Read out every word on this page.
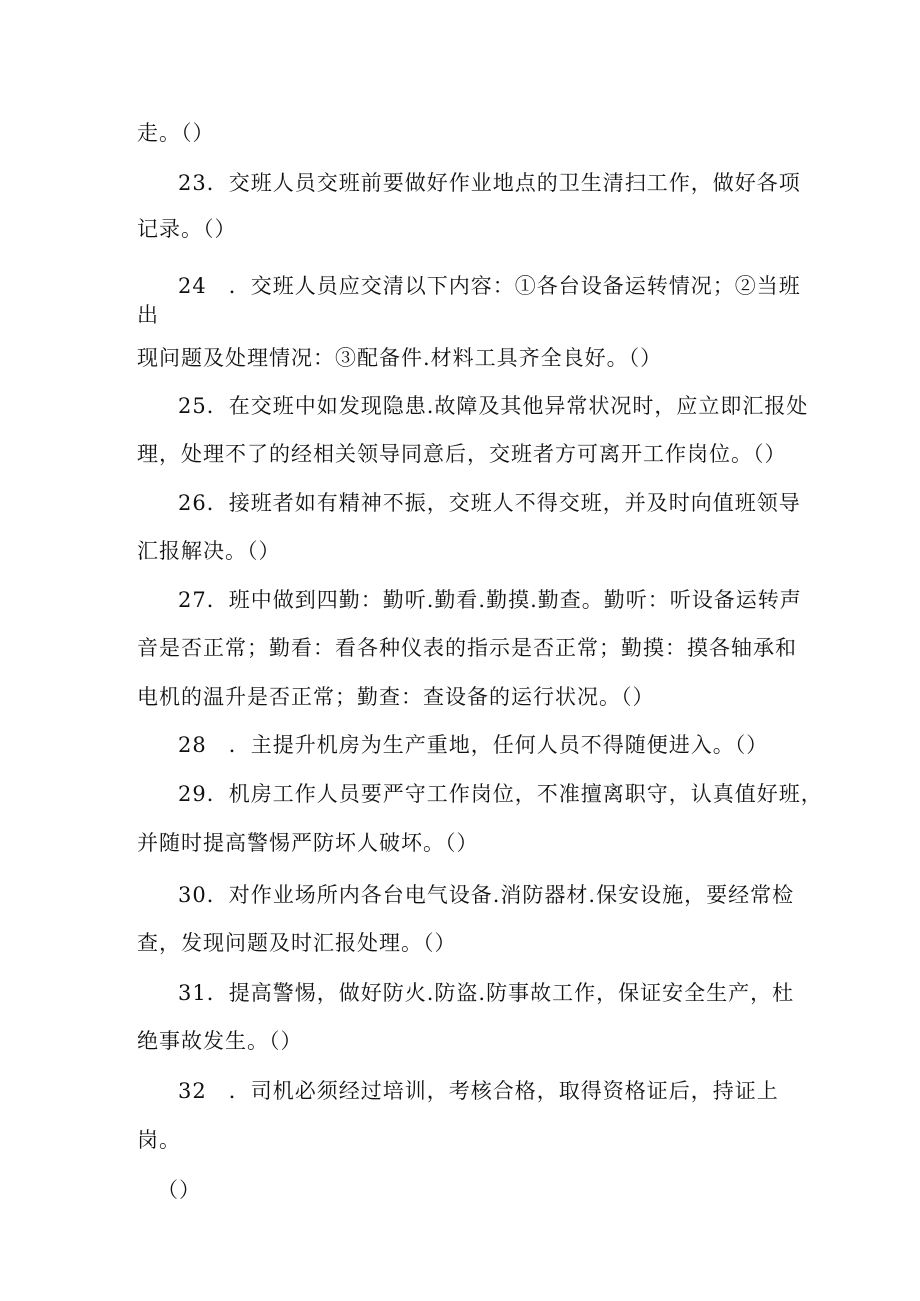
走。（）
23．交班人员交班前要做好作业地点的卫生清扫工作，做好各项
记录。（）
24　．交班人员应交清以下内容：①各台设备运转情况；②当班
出
现问题及处理情况：③配备件.材料工具齐全良好。（）
25．在交班中如发现隐患.故障及其他异常状况时，应立即汇报处
理，处理不了的经相关领导同意后，交班者方可离开工作岗位。（）
26．接班者如有精神不振，交班人不得交班，并及时向值班领导
汇报解决。（）
27．班中做到四勤：勤听.勤看.勤摸.勤查。勤听：听设备运转声
音是否正常；勤看：看各种仪表的指示是否正常；勤摸：摸各轴承和
电机的温升是否正常；勤查：查设备的运行状况。（）
28　．主提升机房为生产重地，任何人员不得随便进入。（）
29．机房工作人员要严守工作岗位，不准擅离职守，认真值好班，
并随时提高警惕严防坏人破坏。（）
30．对作业场所内各台电气设备.消防器材.保安设施，要经常检
查，发现问题及时汇报处理。（）
31．提高警惕，做好防火.防盗.防事故工作，保证安全生产，杜
绝事故发生。（）
32　．司机必须经过培训，考核合格，取得资格证后，持证上
岗。
（）
